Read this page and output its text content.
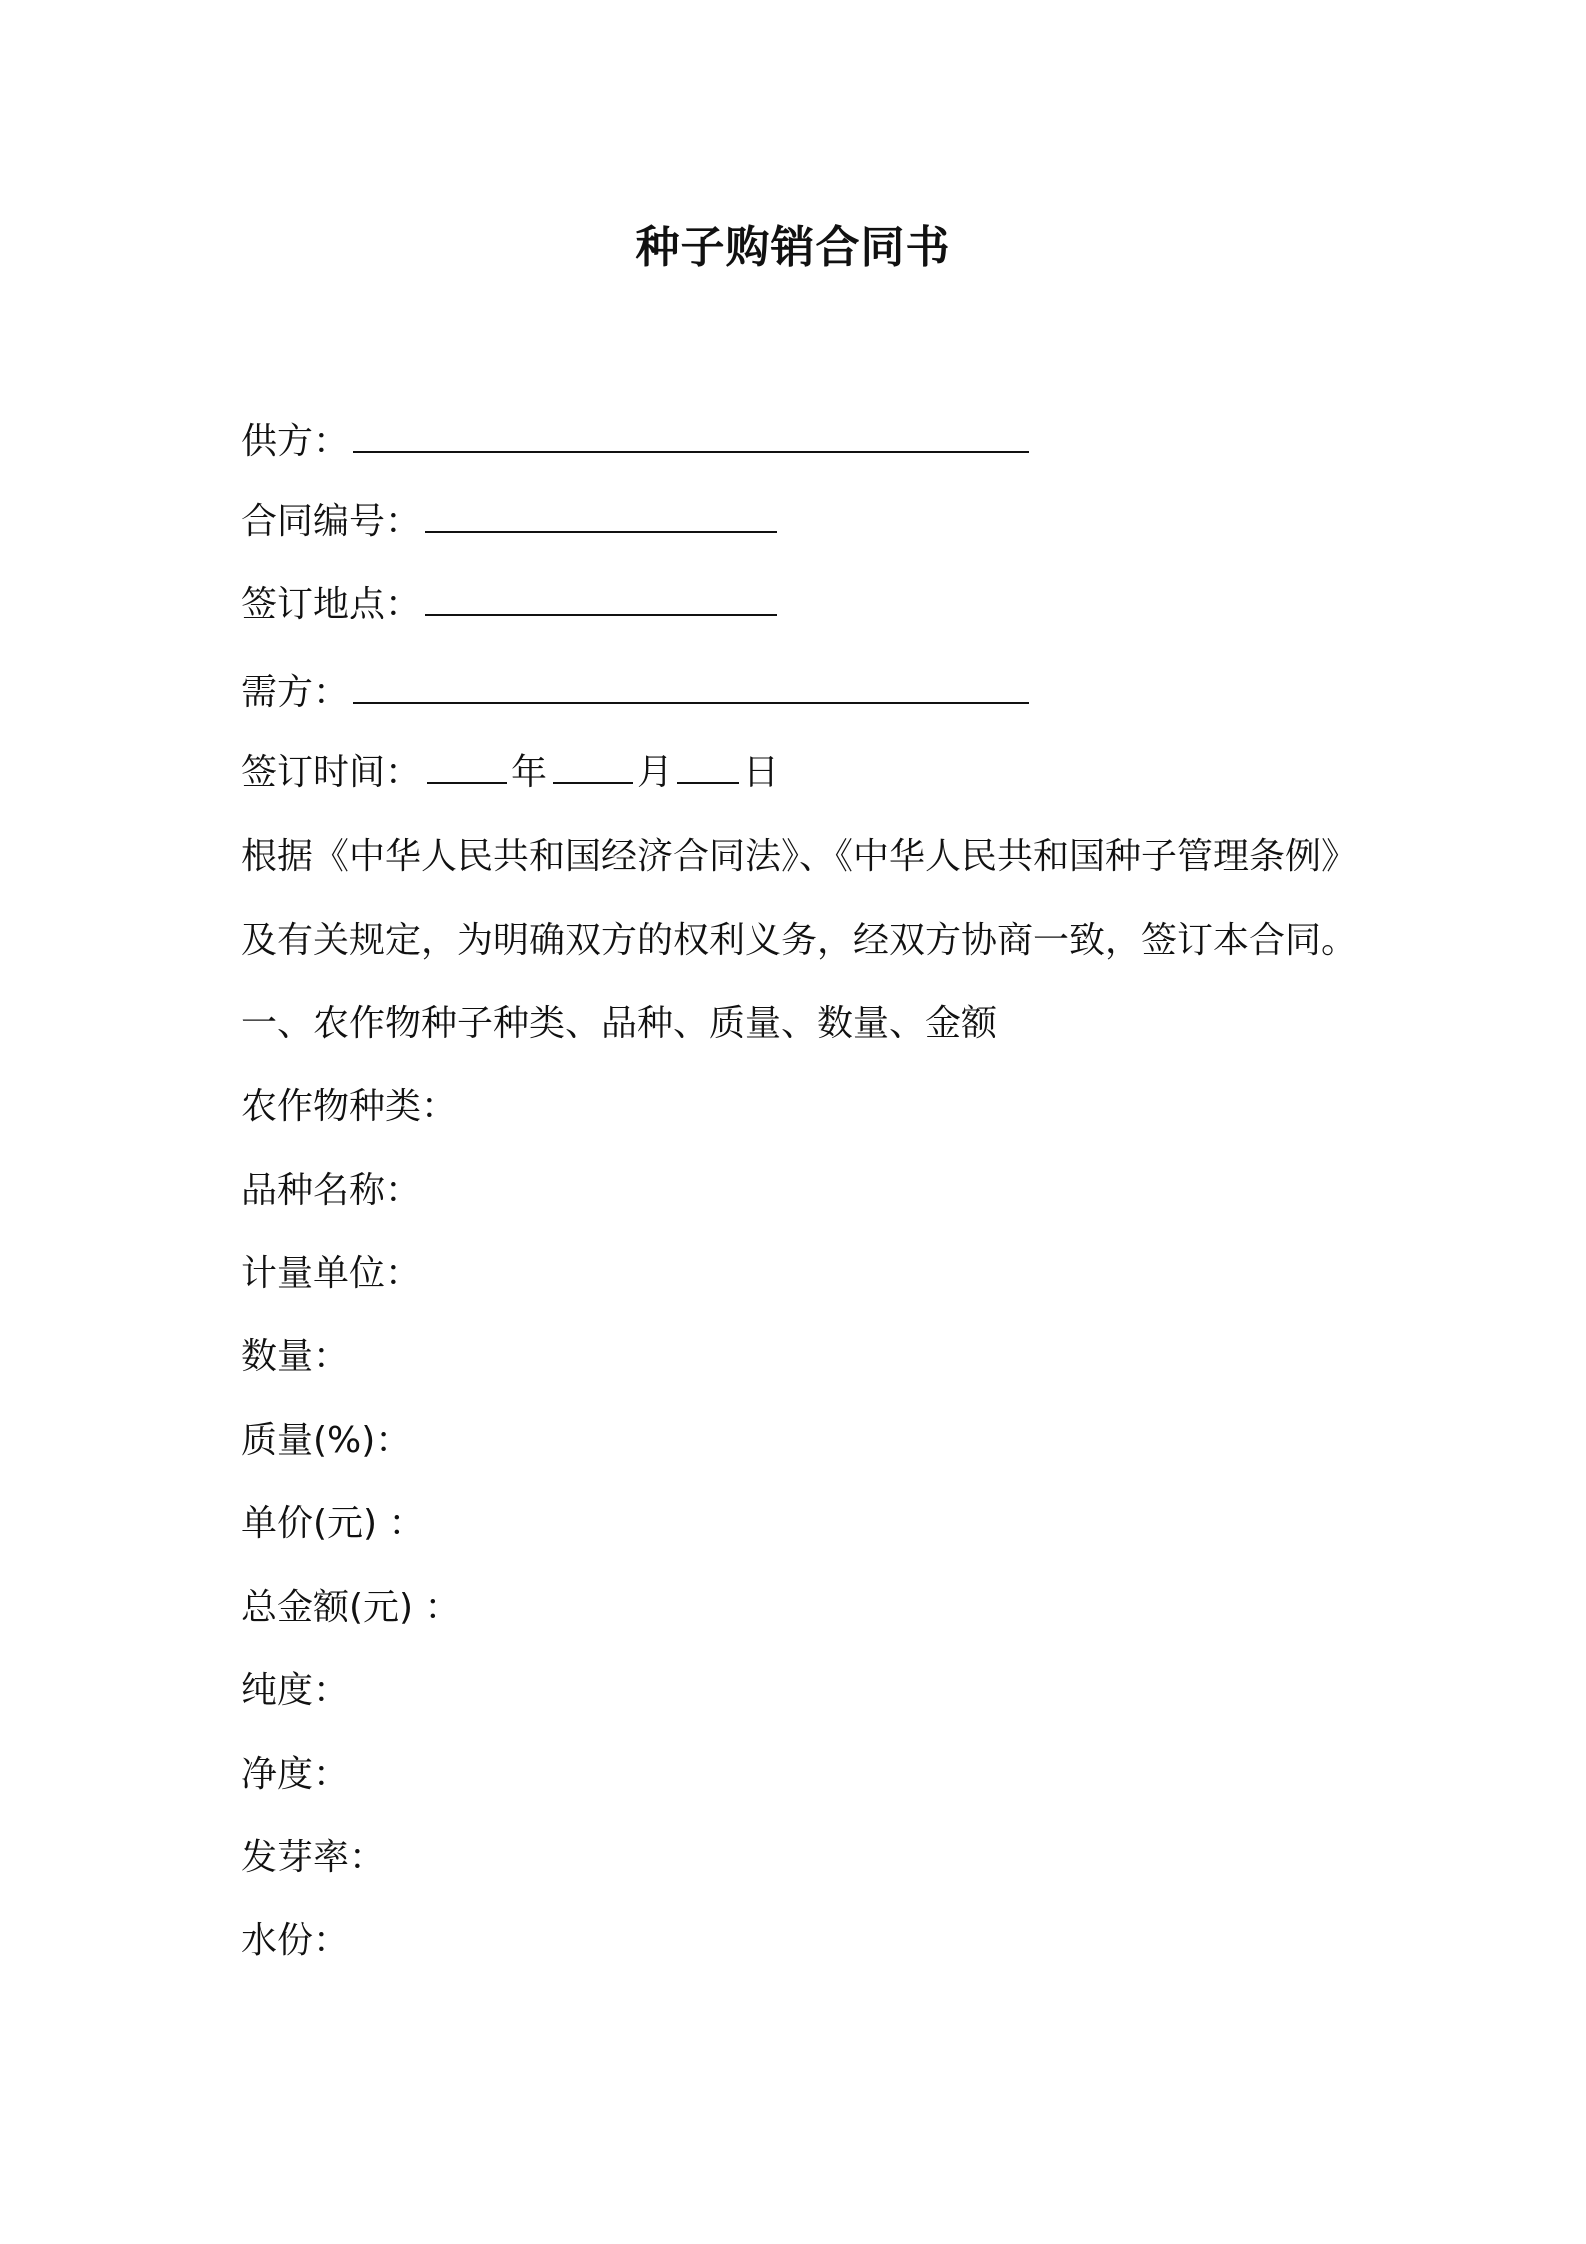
种子购销合同书
供方：
合同编号：
签订地点：
需方：
签订时间：	年	月 日
根据《中华人民共和国经济合同法》、《中华人民共和国种子管理条例》
及有关规定，为明确双方的权利义务，经双方协商一致，签订本合同。
一、农作物种子种类、品种、质量、数量、金额
农作物种类：
品种名称：
计量单位：
数量：
质量(%)：
单价(元) ：
总金额(元) ：
纯度：
净度：
发芽率：
水份：
